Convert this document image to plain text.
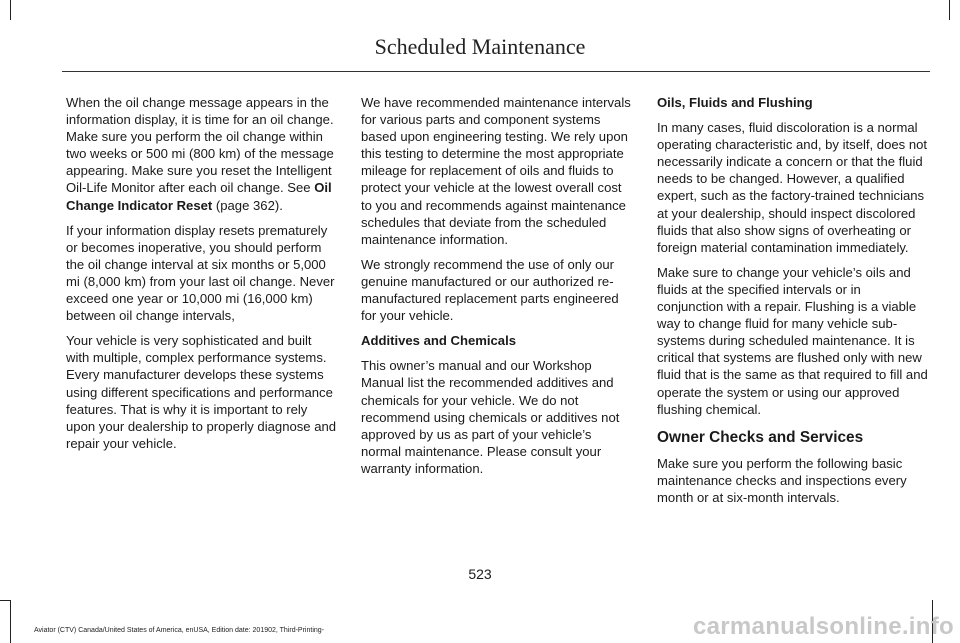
Scheduled Maintenance

When the oil change message appears in the information display, it is time for an oil change. Make sure you perform the oil change within two weeks or 500 mi (800 km) of the message appearing. Make sure you reset the Intelligent Oil-Life Monitor after each oil change. See Oil Change Indicator Reset (page 362).

If your information display resets prematurely or becomes inoperative, you should perform the oil change interval at six months or 5,000 mi (8,000 km) from your last oil change. Never exceed one year or 10,000 mi (16,000 km) between oil change intervals,

Your vehicle is very sophisticated and built with multiple, complex performance systems. Every manufacturer develops these systems using different specifications and performance features. That is why it is important to rely upon your dealership to properly diagnose and repair your vehicle.

We have recommended maintenance intervals for various parts and component systems based upon engineering testing. We rely upon this testing to determine the most appropriate mileage for replacement of oils and fluids to protect your vehicle at the lowest overall cost to you and recommends against maintenance schedules that deviate from the scheduled maintenance information.

We strongly recommend the use of only our genuine manufactured or our authorized re-manufactured replacement parts engineered for your vehicle.

Additives and Chemicals

This owner’s manual and our Workshop Manual list the recommended additives and chemicals for your vehicle. We do not recommend using chemicals or additives not approved by us as part of your vehicle’s normal maintenance. Please consult your warranty information.

Oils, Fluids and Flushing

In many cases, fluid discoloration is a normal operating characteristic and, by itself, does not necessarily indicate a concern or that the fluid needs to be changed. However, a qualified expert, such as the factory-trained technicians at your dealership, should inspect discolored fluids that also show signs of overheating or foreign material contamination immediately.

Make sure to change your vehicle’s oils and fluids at the specified intervals or in conjunction with a repair. Flushing is a viable way to change fluid for many vehicle sub-systems during scheduled maintenance. It is critical that systems are flushed only with new fluid that is the same as that required to fill and operate the system or using our approved flushing chemical.

Owner Checks and Services

Make sure you perform the following basic maintenance checks and inspections every month or at six-month intervals.

523
Aviator (CTV) Canada/United States of America, enUSA, Edition date: 201902, Third-Printing-	carmanualsonline.info
